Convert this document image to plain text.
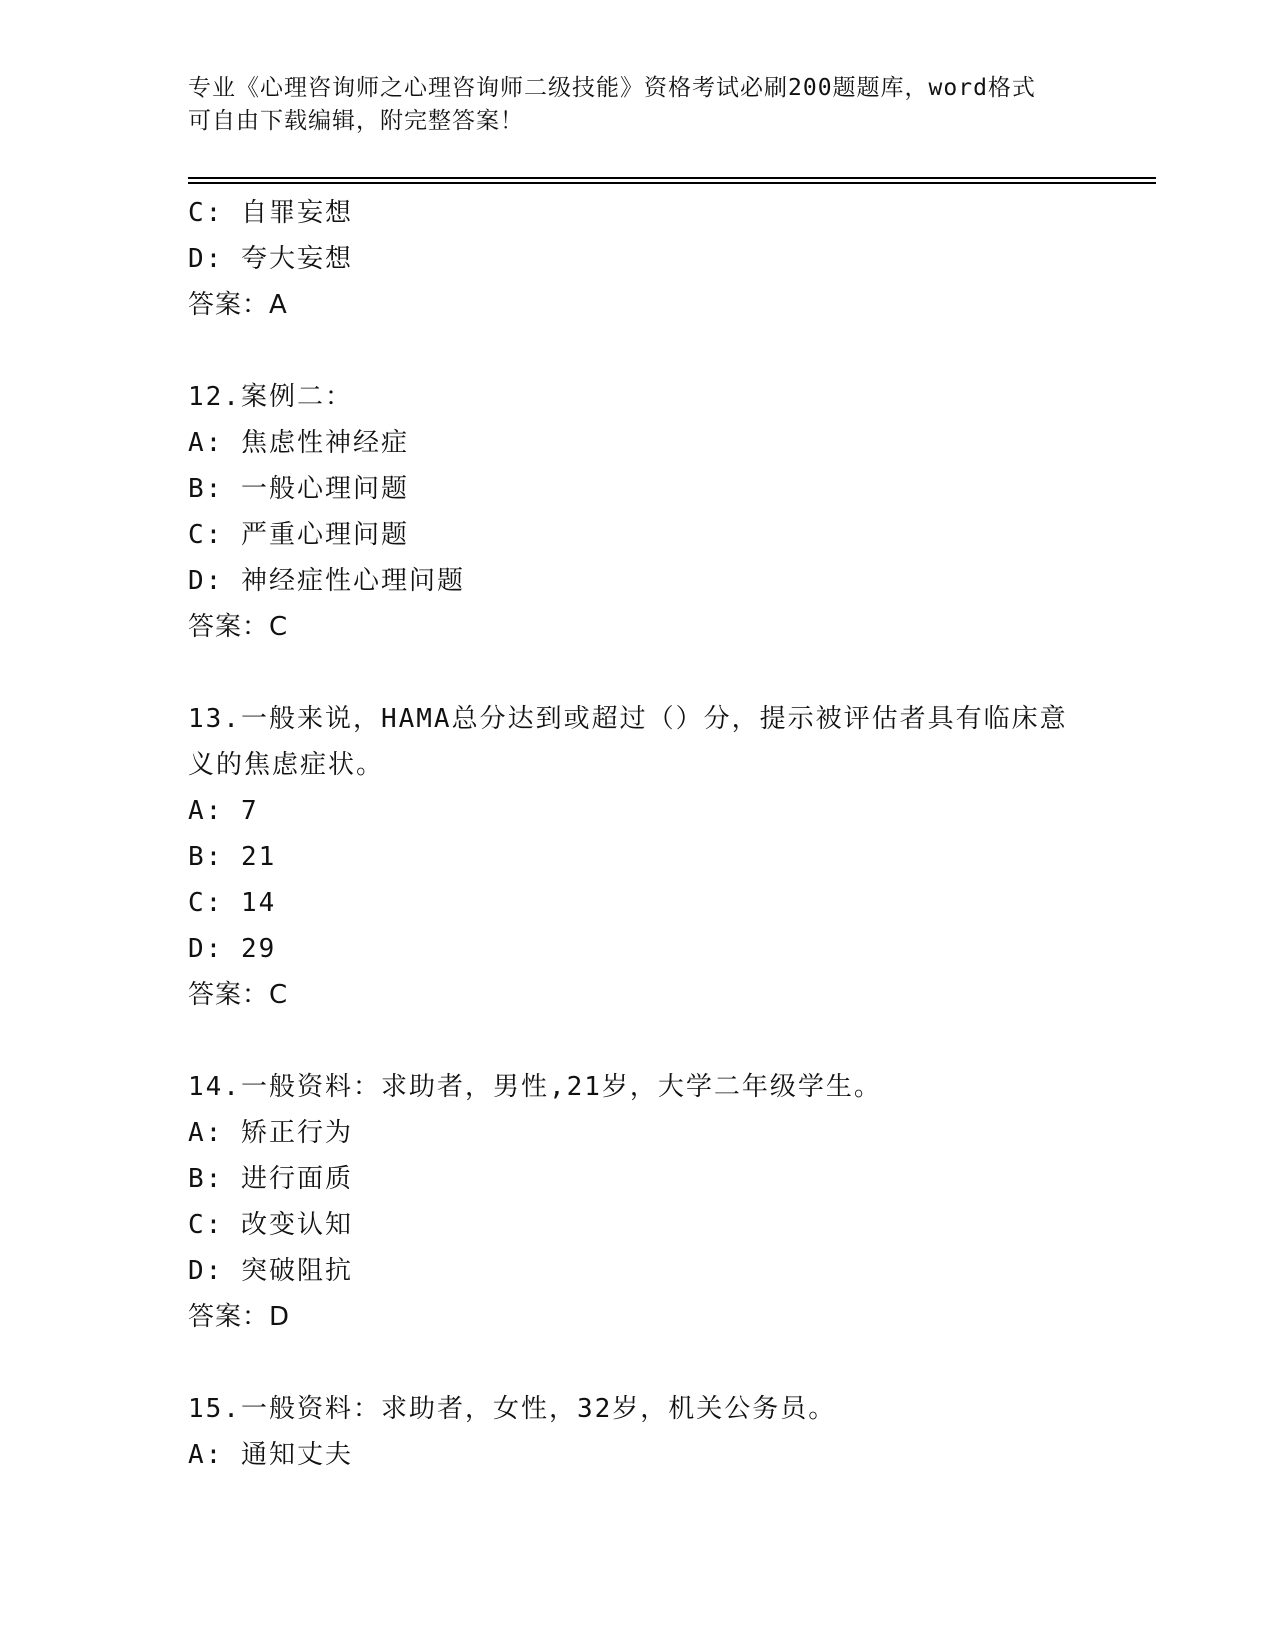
专业《心理咨询师之心理咨询师二级技能》资格考试必刷200题题库，word格式
可自由下载编辑，附完整答案！
C: 自罪妄想
D: 夸大妄想
答案：A
12.案例二：
A: 焦虑性神经症
B: 一般心理问题
C: 严重心理问题
D: 神经症性心理问题
答案：C
13.一般来说，HAMA总分达到或超过（）分，提示被评估者具有临床意
义的焦虑症状。
A: 7
B: 21
C: 14
D: 29
答案：C
14.一般资料：求助者，男性,21岁，大学二年级学生。
A: 矫正行为
B: 进行面质
C: 改变认知
D: 突破阻抗
答案：D
15.一般资料：求助者，女性，32岁，机关公务员。
A: 通知丈夫
